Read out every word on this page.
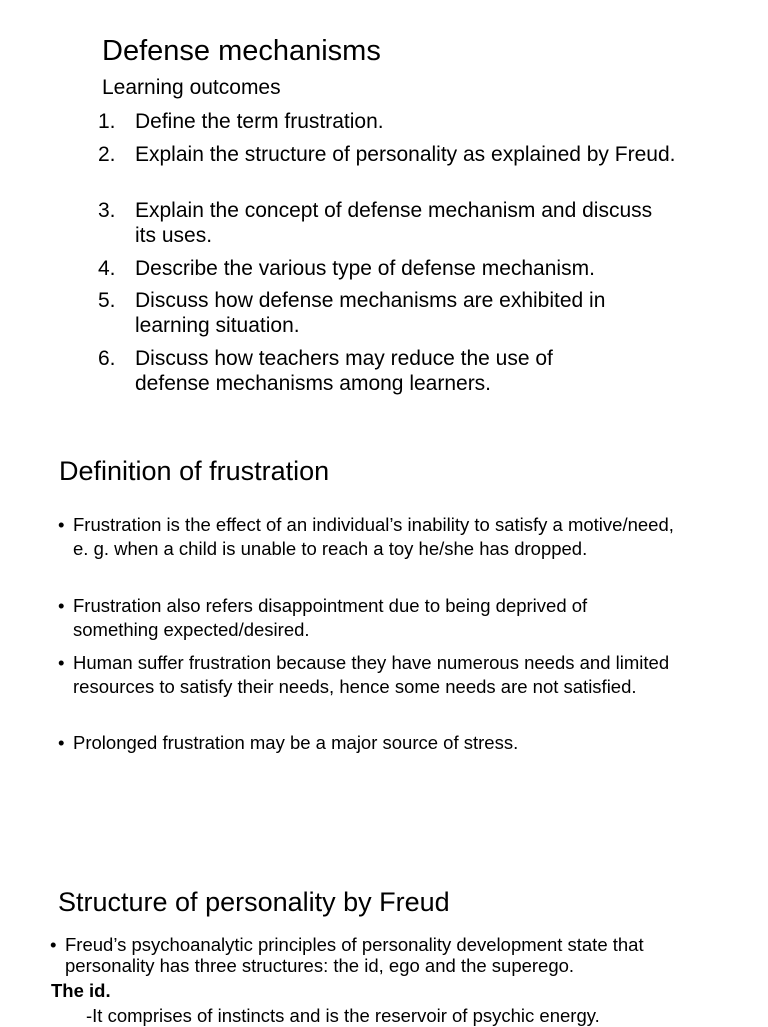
Defense mechanisms
Learning outcomes
1. Define the term frustration.
2. Explain the structure of personality as explained by Freud.
3. Explain the concept of defense mechanism and discuss its uses.
4. Describe the various type of defense mechanism.
5. Discuss how defense mechanisms are exhibited in learning situation.
6. Discuss how teachers may reduce the use of defense mechanisms among learners.
Definition of frustration
• Frustration is the effect of an individual’s inability to satisfy a motive/need, e. g. when a child is unable to reach a toy he/she has dropped.
• Frustration also refers disappointment due to being deprived of something expected/desired.
• Human suffer frustration because they have numerous needs and limited resources to satisfy their needs, hence some needs are not satisfied.
• Prolonged frustration may be a major source of stress.
Structure of personality by Freud
• Freud’s psychoanalytic principles of personality development state that personality has three structures: the id, ego and the superego.
The id.
-It comprises of instincts and is the reservoir of psychic energy.
